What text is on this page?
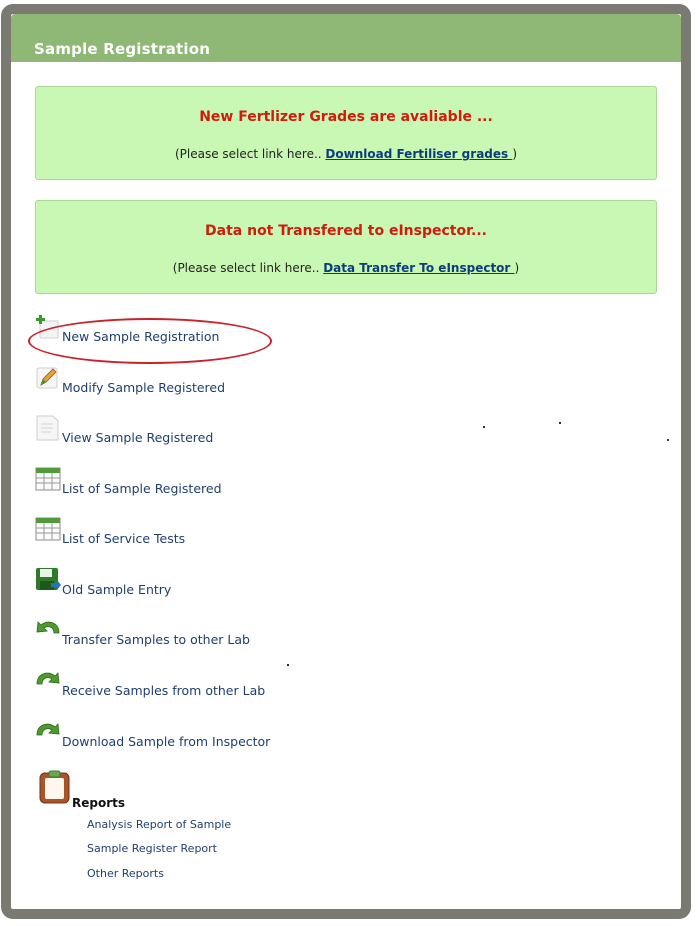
Sample Registration
New Fertlizer Grades are avaliable ...
(Please select link here.. Download Fertiliser grades )
Data not Transfered to eInspector...
(Please select link here.. Data Transfer To eInspector )
New Sample Registration
Modify Sample Registered
View Sample Registered
List of Sample Registered
List of Service Tests
Old Sample Entry
Transfer Samples to other Lab
Receive Samples from other Lab
Download Sample from Inspector
Reports
Analysis Report of Sample
Sample Register Report
Other Reports
